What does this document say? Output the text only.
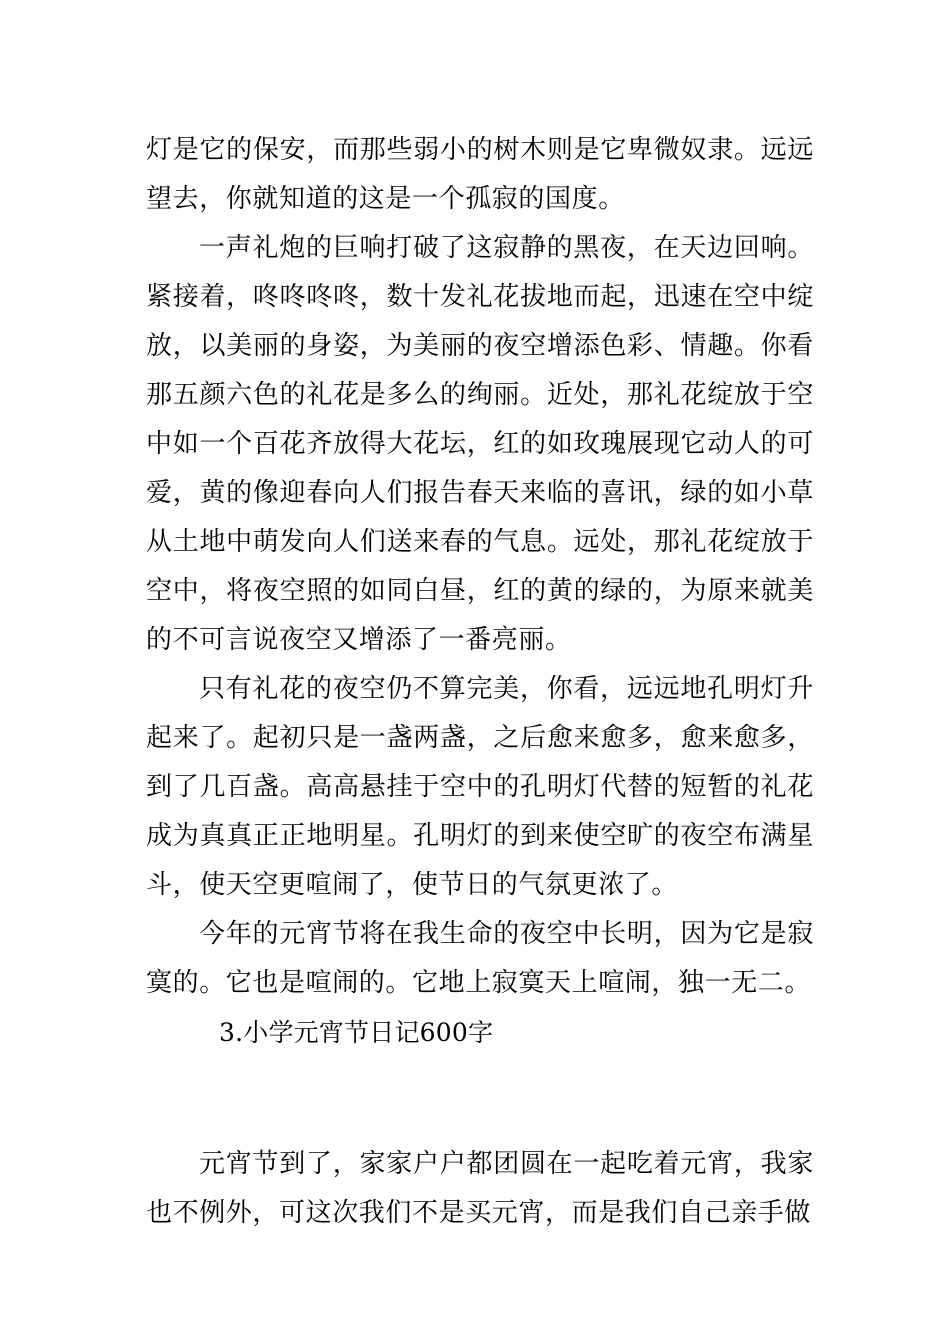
灯是它的保安，而那些弱小的树木则是它卑微奴隶。远远望去，你就知道的这是一个孤寂的国度。

一声礼炮的巨响打破了这寂静的黑夜，在天边回响。紧接着，咚咚咚咚，数十发礼花拔地而起，迅速在空中绽放，以美丽的身姿，为美丽的夜空增添色彩、情趣。你看那五颜六色的礼花是多么的绚丽。近处，那礼花绽放于空中如一个百花齐放得大花坛，红的如玫瑰展现它动人的可爱，黄的像迎春向人们报告春天来临的喜讯，绿的如小草从土地中萌发向人们送来春的气息。远处，那礼花绽放于空中，将夜空照的如同白昼，红的黄的绿的，为原来就美的不可言说夜空又增添了一番亮丽。

只有礼花的夜空仍不算完美，你看，远远地孔明灯升起来了。起初只是一盏两盏，之后愈来愈多，愈来愈多，到了几百盏。高高悬挂于空中的孔明灯代替的短暂的礼花成为真真正正地明星。孔明灯的到来使空旷的夜空布满星斗，使天空更喧闹了，使节日的气氛更浓了。

今年的元宵节将在我生命的夜空中长明，因为它是寂寞的。它也是喧闹的。它地上寂寞天上喧闹，独一无二。

3.小学元宵节日记600字

元宵节到了，家家户户都团圆在一起吃着元宵，我家也不例外，可这次我们不是买元宵，而是我们自己亲手做
